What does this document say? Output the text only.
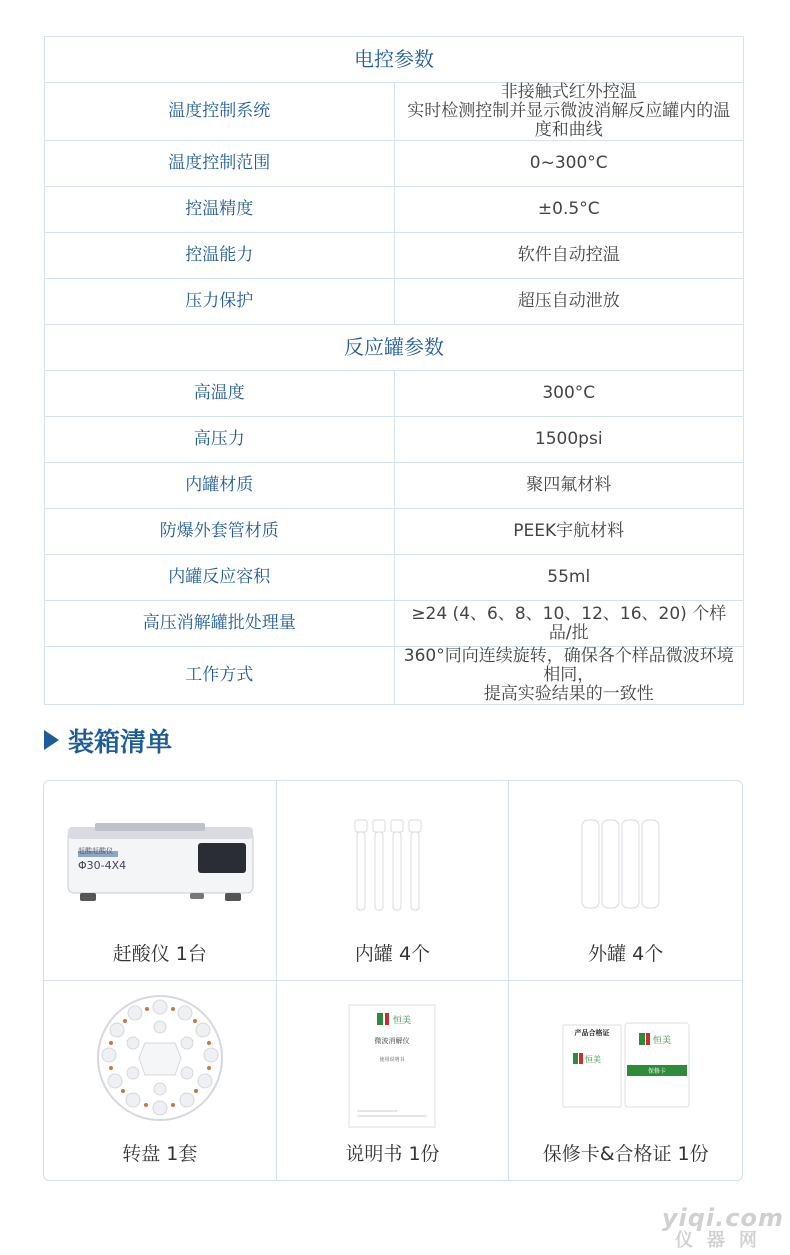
电控参数	
温度控制系统	非接触式红外控温
实时检测控制并显示微波消解反应罐内的温度和曲线

温度控制范围	0~300°C

控温精度	±0.5°C

控温能力	软件自动控温

压力保护	超压自动泄放

反应罐参数	
高温度	300°C

高压力	1500psi

内罐材质	聚四氟材料

防爆外套管材质	PEEK宇航材料

内罐反应容积	55ml

高压消解罐批处理量	≥24 (4、6、8、10、12、16、20) 个样品/批

工作方式	360°同向连续旋转，确保各个样品微波环境相同，
提高实验结果的一致性
装箱清单
赶酸赶酸仪
Φ30-4X4
赶酸仪 1台	内罐 4个	外罐 4个
转盘 1套
恒美
微波消解仪
使用说明书
说明书 1份
产品合格证
恒美
恒美
保修卡
保修卡&合格证 1份
yiqi.com
仪器网
